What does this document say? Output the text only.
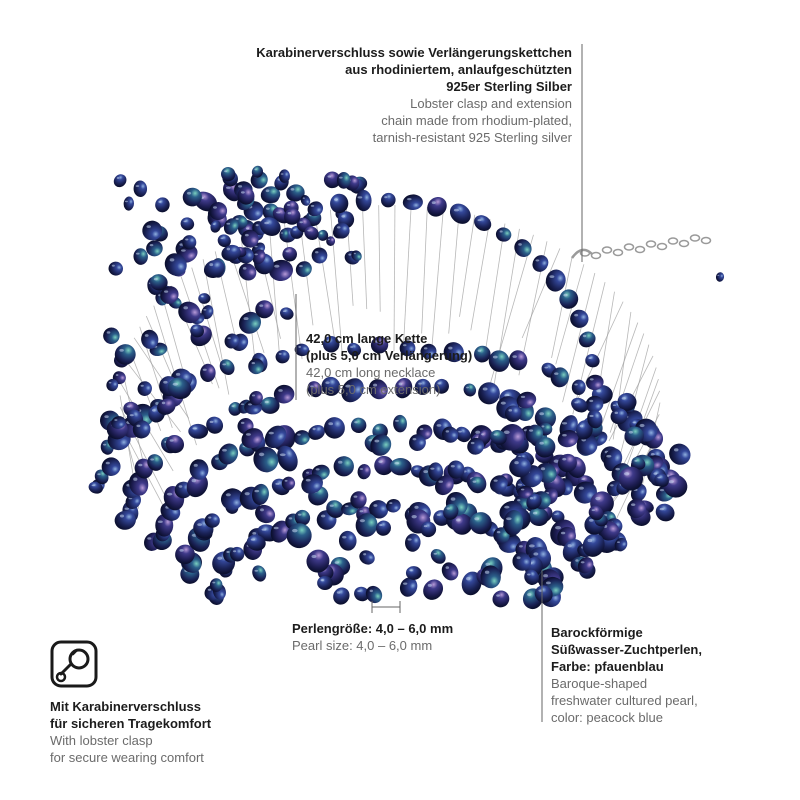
Karabinerverschluss sowie Verlängerungskettchen
aus rhodiniertem, anlaufgeschützten
925er Sterling Silber
Lobster clasp and extension
chain made from rhodium-plated,
tarnish-resistant 925 Sterling silver
42,0 cm lange Kette
(plus 5,0 cm Verlängerung)
42,0 cm long necklace
(plus 5,0 cm extension)
Perlengröße: 4,0 – 6,0 mm
Pearl size: 4,0 – 6,0 mm
Barockförmige
Süßwasser-Zuchtperlen,
Farbe: pfauenblau
Baroque-shaped
freshwater cultured pearl,
color: peacock blue
Mit Karabinerverschluss
für sicheren Tragekomfort
With lobster clasp
for secure wearing comfort
